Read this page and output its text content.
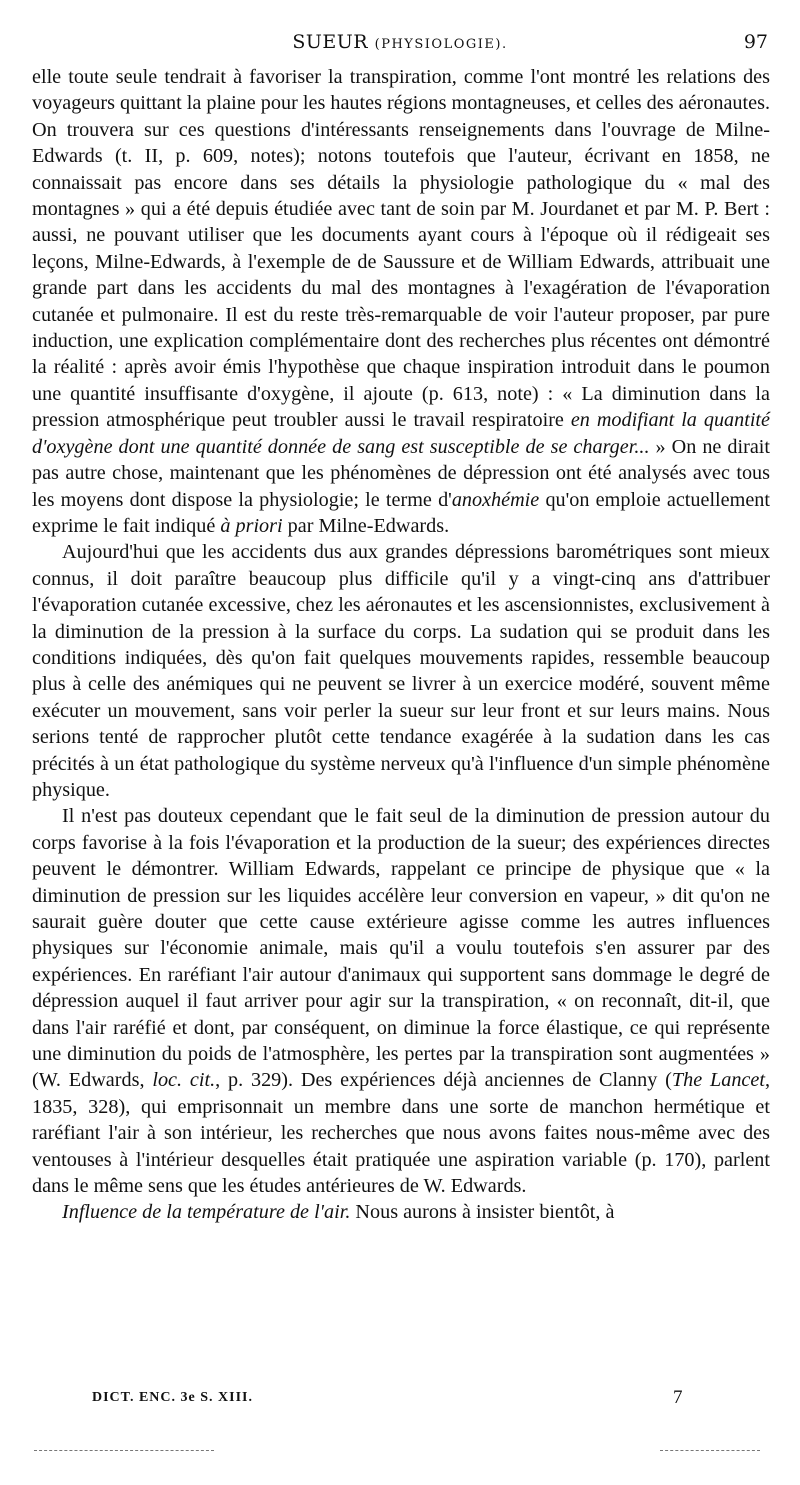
SUEUR (PHYSIOLOGIE).	97

elle toute seule tendrait à favoriser la transpiration, comme l'ont montré les relations des voyageurs quittant la plaine pour les hautes régions montagneuses, et celles des aéronautes. On trouvera sur ces questions d'intéressants renseignements dans l'ouvrage de Milne-Edwards (t. II, p. 609, notes); notons toutefois que l'auteur, écrivant en 1858, ne connaissait pas encore dans ses détails la physiologie pathologique du « mal des montagnes » qui a été depuis étudiée avec tant de soin par M. Jourdanet et par M. P. Bert : aussi, ne pouvant utiliser que les documents ayant cours à l'époque où il rédigeait ses leçons, Milne-Edwards, à l'exemple de de Saussure et de William Edwards, attribuait une grande part dans les accidents du mal des montagnes à l'exagération de l'évaporation cutanée et pulmonaire. Il est du reste très-remarquable de voir l'auteur proposer, par pure induction, une explication complémentaire dont des recherches plus récentes ont démontré la réalité : après avoir émis l'hypothèse que chaque inspiration introduit dans le poumon une quantité insuffisante d'oxygène, il ajoute (p. 613, note) : « La diminution dans la pression atmosphérique peut troubler aussi le travail respiratoire en modifiant la quantité d'oxygène dont une quantité donnée de sang est susceptible de se charger... » On ne dirait pas autre chose, maintenant que les phénomènes de dépression ont été analysés avec tous les moyens dont dispose la physiologie; le terme d'anoxhémie qu'on emploie actuellement exprime le fait indiqué à priori par Milne-Edwards.

Aujourd'hui que les accidents dus aux grandes dépressions barométriques sont mieux connus, il doit paraître beaucoup plus difficile qu'il y a vingt-cinq ans d'attribuer l'évaporation cutanée excessive, chez les aéronautes et les ascensionnistes, exclusivement à la diminution de la pression à la surface du corps. La sudation qui se produit dans les conditions indiquées, dès qu'on fait quelques mouvements rapides, ressemble beaucoup plus à celle des anémiques qui ne peuvent se livrer à un exercice modéré, souvent même exécuter un mouvement, sans voir perler la sueur sur leur front et sur leurs mains. Nous serions tenté de rapprocher plutôt cette tendance exagérée à la sudation dans les cas précités à un état pathologique du système nerveux qu'à l'influence d'un simple phénomène physique.

Il n'est pas douteux cependant que le fait seul de la diminution de pression autour du corps favorise à la fois l'évaporation et la production de la sueur; des expériences directes peuvent le démontrer. William Edwards, rappelant ce principe de physique que « la diminution de pression sur les liquides accélère leur conversion en vapeur, » dit qu'on ne saurait guère douter que cette cause extérieure agisse comme les autres influences physiques sur l'économie animale, mais qu'il a voulu toutefois s'en assurer par des expériences. En raréfiant l'air autour d'animaux qui supportent sans dommage le degré de dépression auquel il faut arriver pour agir sur la transpiration, « on reconnaît, dit-il, que dans l'air raréfié et dont, par conséquent, on diminue la force élastique, ce qui représente une diminution du poids de l'atmosphère, les pertes par la transpiration sont augmentées » (W. Edwards, loc. cit., p. 329). Des expériences déjà anciennes de Clanny (The Lancet, 1835, 328), qui emprisonnait un membre dans une sorte de manchon hermétique et raréfiant l'air à son intérieur, les recherches que nous avons faites nous-même avec des ventouses à l'intérieur desquelles était pratiquée une aspiration variable (p. 170), parlent dans le même sens que les études antérieures de W. Edwards.

Influence de la température de l'air. Nous aurons à insister bientôt, à

DICT. ENC. 3e S. XIII.	7
